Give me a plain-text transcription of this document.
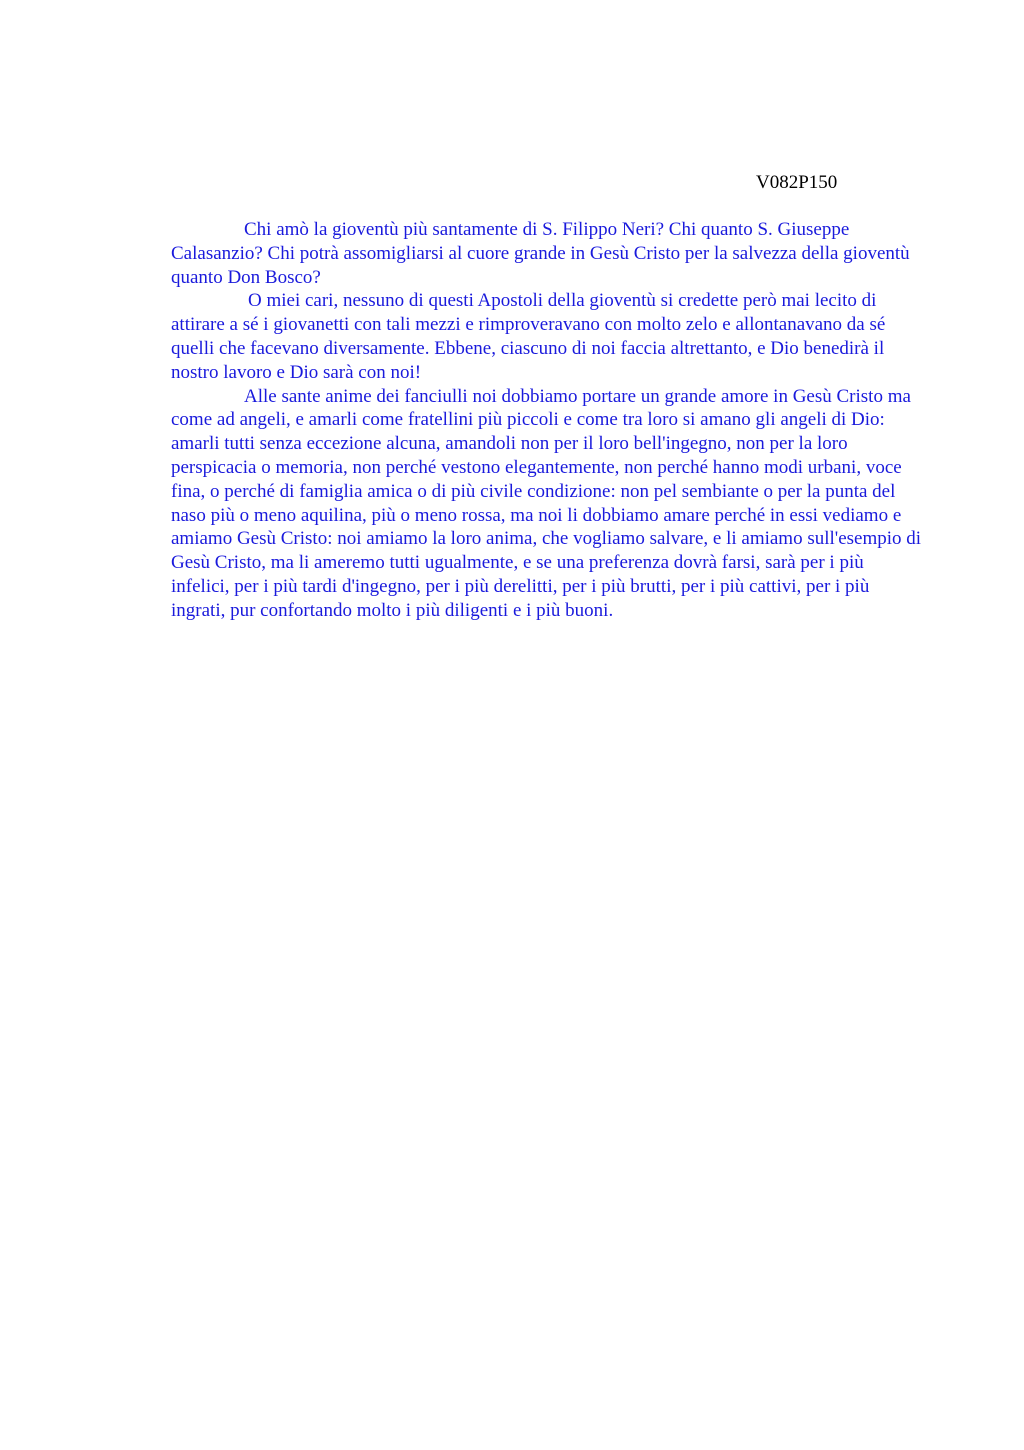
V082P150

Chi amò la gioventù più santamente di S. Filippo Neri? Chi quanto S. Giuseppe Calasanzio? Chi potrà assomigliarsi al cuore grande in Gesù Cristo per la salvezza della gioventù quanto Don Bosco?

O miei cari, nessuno di questi Apostoli della gioventù si credette però mai lecito di attirare a sé i giovanetti con tali mezzi e rimproveravano con molto zelo e allontanavano da sé quelli che facevano diversamente. Ebbene, ciascuno di noi faccia altrettanto, e Dio benedirà il nostro lavoro e Dio sarà con noi!

Alle sante anime dei fanciulli noi dobbiamo portare un grande amore in Gesù Cristo ma come ad angeli, e amarli come fratellini più piccoli e come tra loro si amano gli angeli di Dio: amarli tutti senza eccezione alcuna, amandoli non per il loro bell'ingegno, non per la loro perspicacia o memoria, non perché vestono elegantemente, non perché hanno modi urbani, voce fina, o perché di famiglia amica o di più civile condizione: non pel sembiante o per la punta del naso più o meno aquilina, più o meno rossa, ma noi li dobbiamo amare perché in essi vediamo e amiamo Gesù Cristo: noi amiamo la loro anima, che vogliamo salvare, e li amiamo sull'esempio di Gesù Cristo, ma li ameremo tutti ugualmente, e se una preferenza dovrà farsi, sarà per i più infelici, per i più tardi d'ingegno, per i più derelitti, per i più brutti, per i più cattivi, per i più ingrati, pur confortando molto i più diligenti e i più buoni.
